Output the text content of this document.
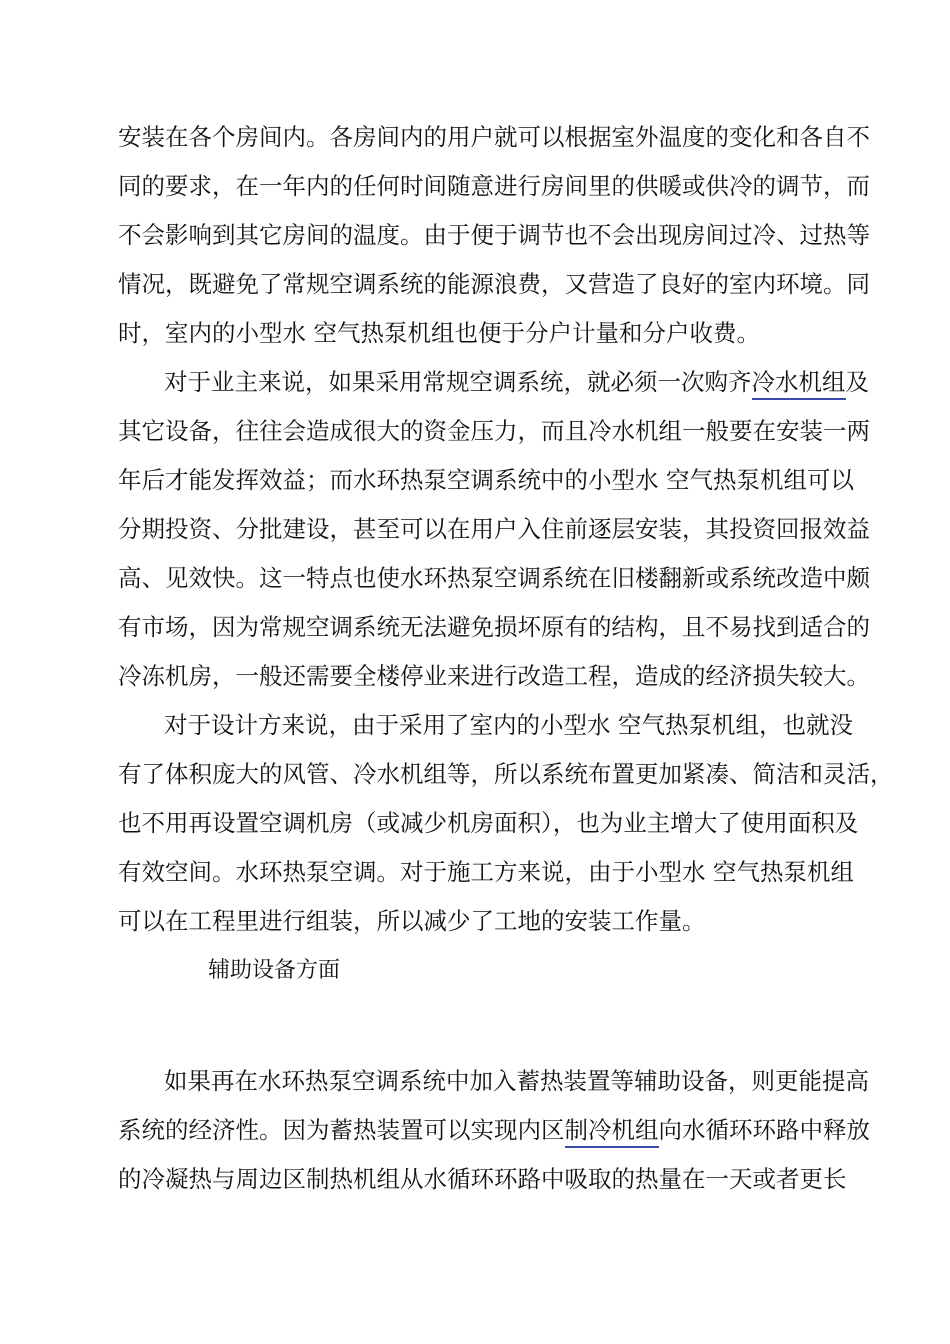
安装在各个房间内。各房间内的用户就可以根据室外温度的变化和各自不
同的要求，在一年内的任何时间随意进行房间里的供暖或供冷的调节，而
不会影响到其它房间的温度。由于便于调节也不会出现房间过冷、过热等
情况，既避免了常规空调系统的能源浪费，又营造了良好的室内环境。同
时，室内的小型水 空气热泵机组也便于分户计量和分户收费。
对于业主来说，如果采用常规空调系统，就必须一次购齐冷水机组及
其它设备，往往会造成很大的资金压力，而且冷水机组一般要在安装一两
年后才能发挥效益；而水环热泵空调系统中的小型水 空气热泵机组可以
分期投资、分批建设，甚至可以在用户入住前逐层安装，其投资回报效益
高、见效快。这一特点也使水环热泵空调系统在旧楼翻新或系统改造中颇
有市场，因为常规空调系统无法避免损坏原有的结构，且不易找到适合的
冷冻机房，一般还需要全楼停业来进行改造工程，造成的经济损失较大。
对于设计方来说，由于采用了室内的小型水 空气热泵机组，也就没
有了体积庞大的风管、冷水机组等，所以系统布置更加紧凑、简洁和灵活，
也不用再设置空调机房（或减少机房面积），也为业主增大了使用面积及
有效空间。水环热泵空调。对于施工方来说，由于小型水 空气热泵机组
可以在工程里进行组装，所以减少了工地的安装工作量。
辅助设备方面
如果再在水环热泵空调系统中加入蓄热装置等辅助设备，则更能提高
系统的经济性。因为蓄热装置可以实现内区制冷机组向水循环环路中释放
的冷凝热与周边区制热机组从水循环环路中吸取的热量在一天或者更长
